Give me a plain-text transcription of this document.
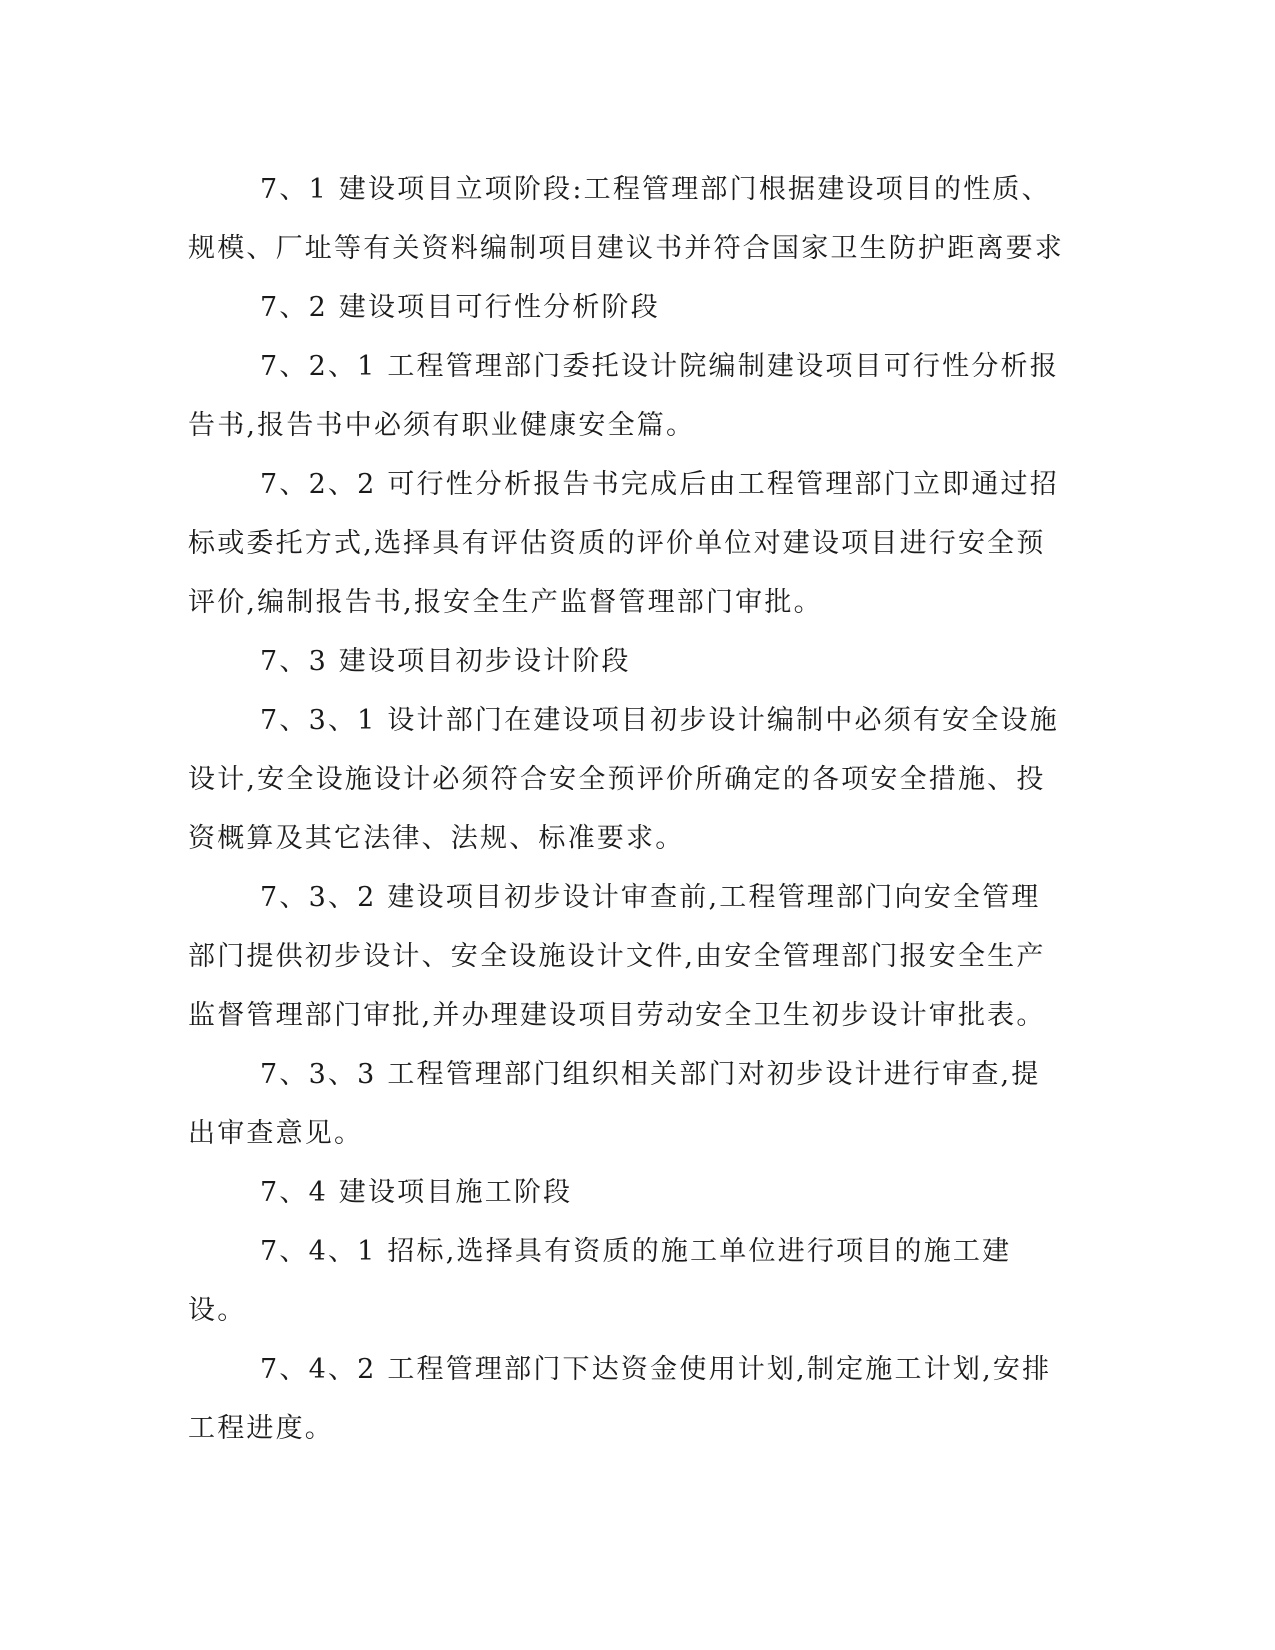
7、1 建设项目立项阶段:工程管理部门根据建设项目的性质、规模、厂址等有关资料编制项目建议书并符合国家卫生防护距离要求

7、2 建设项目可行性分析阶段

7、2、1 工程管理部门委托设计院编制建设项目可行性分析报告书,报告书中必须有职业健康安全篇。

7、2、2 可行性分析报告书完成后由工程管理部门立即通过招标或委托方式,选择具有评估资质的评价单位对建设项目进行安全预评价,编制报告书,报安全生产监督管理部门审批。

7、3 建设项目初步设计阶段

7、3、1 设计部门在建设项目初步设计编制中必须有安全设施设计,安全设施设计必须符合安全预评价所确定的各项安全措施、投资概算及其它法律、法规、标准要求。

7、3、2 建设项目初步设计审查前,工程管理部门向安全管理部门提供初步设计、安全设施设计文件,由安全管理部门报安全生产监督管理部门审批,并办理建设项目劳动安全卫生初步设计审批表。

7、3、3 工程管理部门组织相关部门对初步设计进行审查,提出审查意见。

7、4 建设项目施工阶段

7、4、1 招标,选择具有资质的施工单位进行项目的施工建设。

7、4、2 工程管理部门下达资金使用计划,制定施工计划,安排工程进度。
